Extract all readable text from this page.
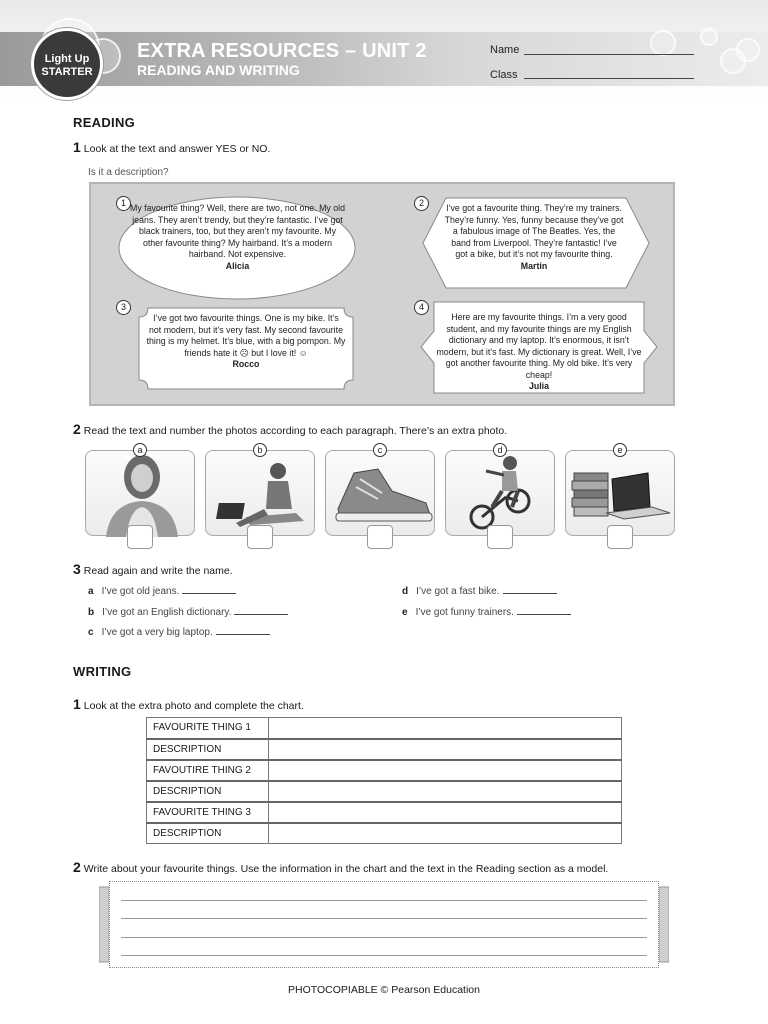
Light Up
STARTER
EXTRA RESOURCES – UNIT 2
READING AND WRITING
Name
Class
READING
1 Look at the text and answer YES or NO.
Is it a description?
1 My favourite thing? Well, there are two, not one. My old jeans. They aren’t trendy, but they’re fantastic. I’ve got black trainers, too, but they aren’t my favourite. My other favourite thing? My hairband. It’s a modern hairband. Not expensive.
Alicia
2	I’ve got a favourite thing. They’re my trainers. They’re funny. Yes, funny because they’ve got a fabulous image of The Beatles. Yes, the band from Liverpool. They’re fantastic! I’ve got a bike, but it’s not my favourite thing.
Martin
3
I’ve got two favourite things. One is my bike. It’s not modern, but it’s very fast. My second favourite thing is my helmet. It’s blue, with a big pompon. My friends hate it ☹ but I love it! ☺
Rocco
4
Here are my favourite things. I’m a very good student, and my favourite things are my English dictionary and my laptop. It’s enormous, it isn’t modern, but it’s fast. My dictionary is great. Well, I’ve got another favourite thing. My old bike. It’s very cheap!
Julia
2 Read the text and number the photos according to each paragraph. There’s an extra photo.
a	b	c	d	e
3 Read again and write the name.
a I’ve got old jeans.
b I’ve got an English dictionary.
c I’ve got a very big laptop.
d I’ve got a fast bike.
e I’ve got funny trainers.
WRITING
1 Look at the extra photo and complete the chart.
FAVOURITE THING 1	
DESCRIPTION	
FAVOUTIRE THING 2	
DESCRIPTION	
FAVOURITE THING 3	
DESCRIPTION	
2 Write about your favourite things. Use the information in the chart and the text in the Reading section as a model.
PHOTOCOPIABLE © Pearson Education
